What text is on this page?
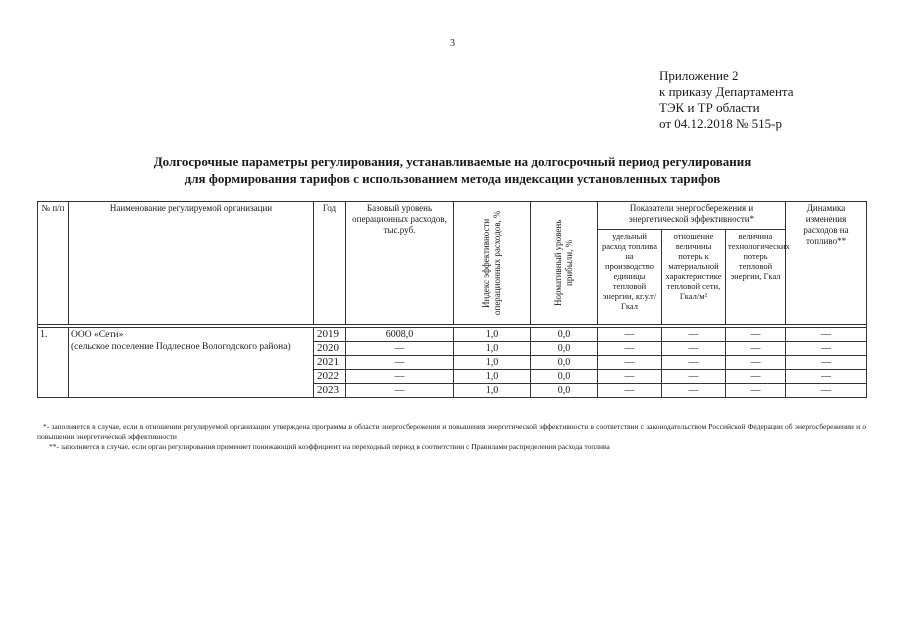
3
Приложение 2
к приказу Департамента
ТЭК и ТР области
от 04.12.2018 № 515-р
Долгосрочные параметры регулирования, устанавливаемые на долгосрочный период регулирования
для формирования тарифов с использованием метода индексации установленных тарифов
№ п/п	Наименование регулируемой организации	Год	Базовый уровень операционных расходов, тыс.руб.	Индекс эффективности операционных расходов, %	Нормативный уровень прибыли, %	Показатели энергосбережения и энергетической эффективности*			Динамика изменения расходов на топливо**
						удельный расход топлива на производство единицы тепловой энергии, кг.у.т/Гкал	отношение величины потерь к материальной характеристике тепловой сети, Гкал/м²	величина технологических потерь тепловой энергии, Гкал	

1.	ООО «Сети»
(сельское поселение Подлесное Вологодского района)	2019	6008,0	1,0	0,0	—	—	—	—
		2020	—	1,0	0,0	—	—	—	—
		2021	—	1,0	0,0	—	—	—	—
		2022	—	1,0	0,0	—	—	—	—
		2023	—	1,0	0,0	—	—	—	—

*- заполняется в случае, если в отношении регулируемой организации утверждена программа в области энергосбережения и повышения энергетической эффективности в соответствии с законодательством Российской Федерации об энергосбережении и о повышении энергетической эффективности

**- заполняется в случае, если орган регулирования применяет понижающий коэффициент на переходный период в соответствии с Правилами распределения расхода топлива
